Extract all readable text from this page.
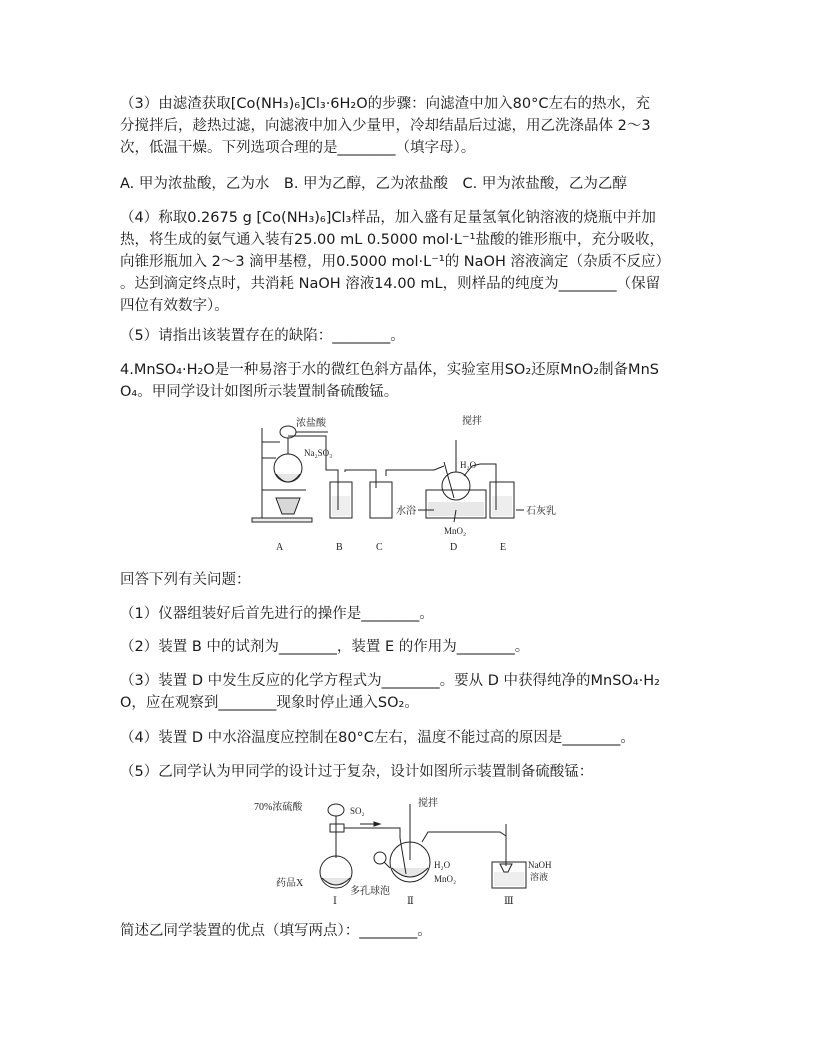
（3）由滤渣获取[Co(NH₃)₆]Cl₃·6H₂O的步骤：向滤渣中加入80°C左右的热水，充
分搅拌后，趁热过滤，向滤液中加入少量甲，冷却结晶后过滤，用乙洗涤晶体 2～3
次，低温干燥。下列选项合理的是________（填字母）。
A. 甲为浓盐酸，乙为水　B. 甲为乙醇，乙为浓盐酸　C. 甲为浓盐酸，乙为乙醇
（4）称取0.2675 g [Co(NH₃)₆]Cl₃样品，加入盛有足量氢氧化钠溶液的烧瓶中并加
热，将生成的氨气通入装有25.00 mL 0.5000 mol·L⁻¹盐酸的锥形瓶中，充分吸收，
向锥形瓶加入 2～3 滴甲基橙，用0.5000 mol·L⁻¹的 NaOH 溶液滴定（杂质不反应）
。达到滴定终点时，共消耗 NaOH 溶液14.00 mL，则样品的纯度为________（保留
四位有效数字）。
（5）请指出该装置存在的缺陷：________。
4.MnSO₄·H₂O是一种易溶于水的微红色斜方晶体，实验室用SO₂还原MnO₂制备MnS
O₄。甲同学设计如图所示装置制备硫酸锰。
浓盐酸
Na₂SO₃
搅拌
H₂O
水浴
MnO₂
石灰乳
A	B	C	D	E
回答下列有关问题：
（1）仪器组装好后首先进行的操作是________。
（2）装置 B 中的试剂为________，装置 E 的作用为________。
（3）装置 D 中发生反应的化学方程式为________。要从 D 中获得纯净的MnSO₄·H₂
O，应在观察到________现象时停止通入SO₂。
（4）装置 D 中水浴温度应控制在80°C左右，温度不能过高的原因是________。
（5）乙同学认为甲同学的设计过于复杂，设计如图所示装置制备硫酸锰：
70%浓硫酸	SO₂
搅拌
H₂O
MnO₂
药品X
多孔球泡
NaOH
溶液
Ⅰ	Ⅱ	Ⅲ
简述乙同学装置的优点（填写两点）：________。
